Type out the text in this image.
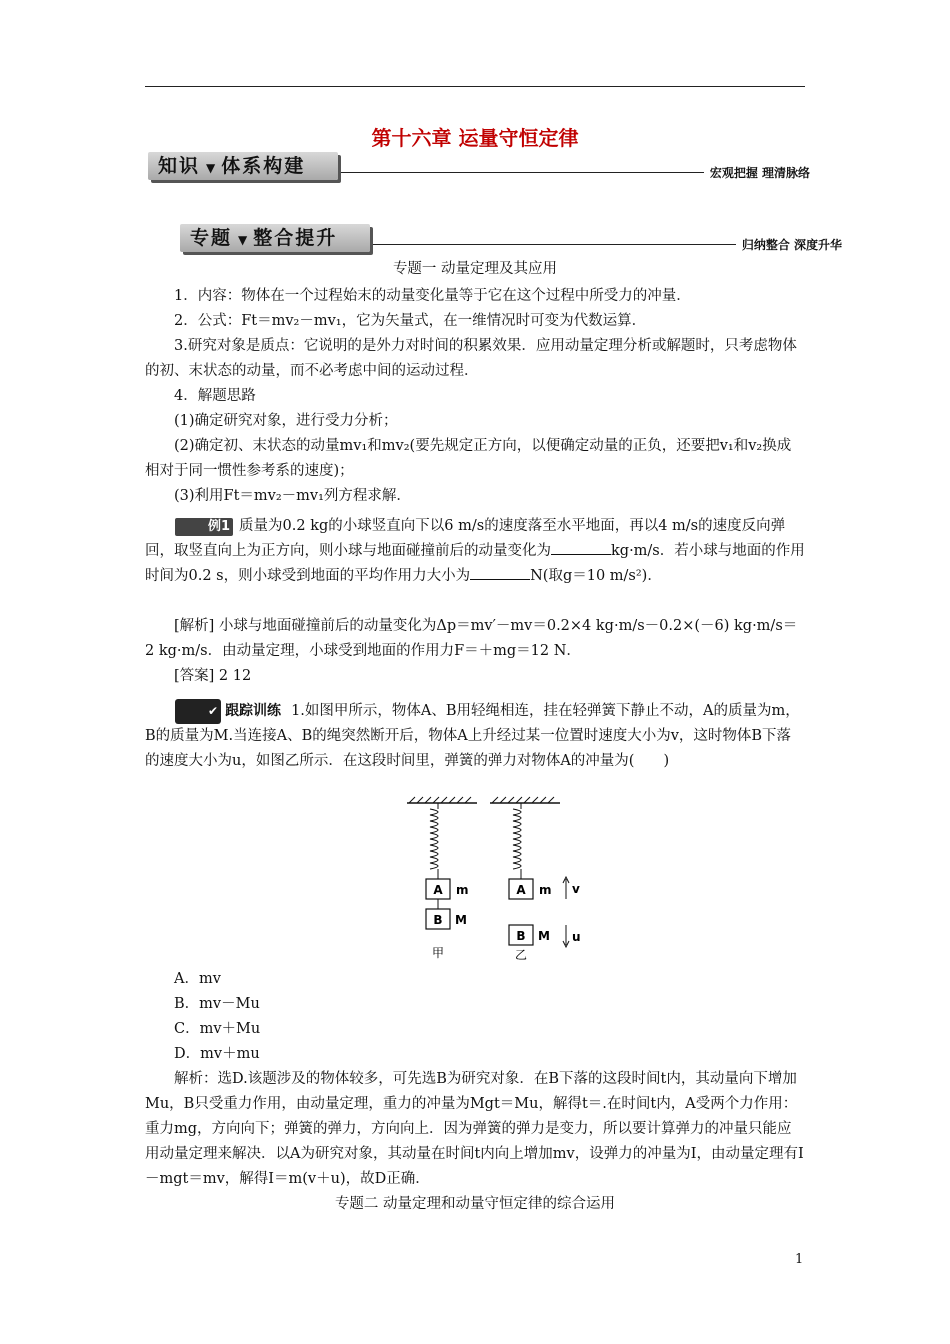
第十六章 运量守恒定律
知识 ▼ 体系构建	宏观把握 理清脉络
专题 ▼ 整合提升	归纳整合 深度升华
专题一 动量定理及其应用
1．内容：物体在一个过程始末的动量变化量等于它在这个过程中所受力的冲量．
2．公式：Ft＝mv₂－mv₁，它为矢量式，在一维情况时可变为代数运算．
3.研究对象是质点：它说明的是外力对时间的积累效果．应用动量定理分析或解题时，只考虑物体的初、末状态的动量，而不必考虑中间的运动过程．
4．解题思路
(1)确定研究对象，进行受力分析；
(2)确定初、末状态的动量mv₁和mv₂(要先规定正方向，以便确定动量的正负，还要把v₁和v₂换成相对于同一惯性参考系的速度)；
(3)利用Ft＝mv₂－mv₁列方程求解．
例1 质量为0.2 kg的小球竖直向下以6 m/s的速度落至水平地面，再以4 m/s的速度反向弹回，取竖直向上为正方向，则小球与地面碰撞前后的动量变化为	kg·m/s．若小球与地面的作用时间为0.2 s，则小球受到地面的平均作用力大小为	N(取g＝10 m/s²)．
[解析] 小球与地面碰撞前后的动量变化为Δp＝mv′－mv＝0.2×4 kg·m/s－0.2×(－6) kg·m/s＝2 kg·m/s．由动量定理，小球受到地面的作用力F＝＋mg＝12 N．
[答案] 2 12
✔ 跟踪训练 1.如图甲所示，物体A、B用轻绳相连，挂在轻弹簧下静止不动，A的质量为m，B的质量为M.当连接A、B的绳突然断开后，物体A上升经过某一位置时速度大小为v，这时物体B下落的速度大小为u，如图乙所示．在这段时间里，弹簧的弹力对物体A的冲量为(　　)
A m
B M
甲
A m v
B M u
乙
A．mv
B．mv－Mu
C．mv＋Mu
D．mv＋mu
解析：选D.该题涉及的物体较多，可先选B为研究对象．在B下落的这段时间t内，其动量向下增加Mu，B只受重力作用，由动量定理，重力的冲量为Mgt＝Mu，解得t＝.在时间t内，A受两个力作用：重力mg，方向向下；弹簧的弹力，方向向上．因为弹簧的弹力是变力，所以要计算弹力的冲量只能应用动量定理来解决．以A为研究对象，其动量在时间t内向上增加mv，设弹力的冲量为I，由动量定理有I－mgt＝mv，解得I＝m(v＋u)，故D正确．
专题二 动量定理和动量守恒定律的综合运用
1
